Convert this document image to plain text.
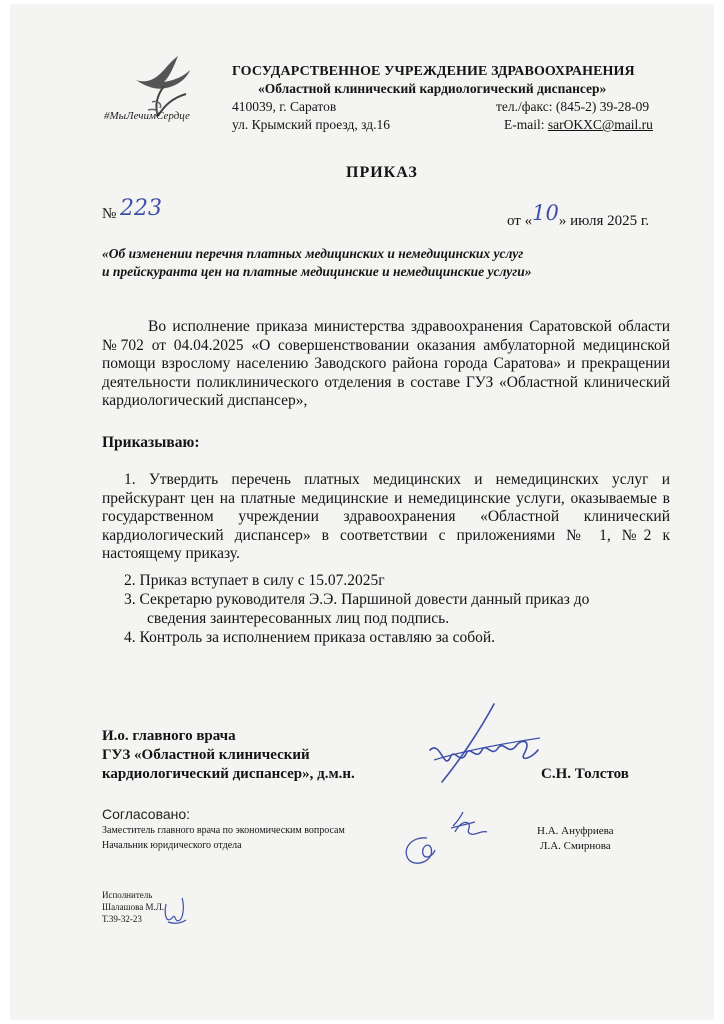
#МыЛечимСердце
ГОСУДАРСТВЕННОЕ УЧРЕЖДЕНИЕ ЗДРАВООХРАНЕНИЯ
«Областной клинический кардиологический диспансер»
410039, г. Саратов
ул. Крымский проезд, зд.16
тел./факс: (845-2) 39-28-09
E-mail: sarOKXC@mail.ru
ПРИКАЗ
№ 223	от «10» июля 2025 г.
«Об изменении перечня платных медицинских и немедицинских услуг
и прейскуранта цен на платные медицинские и немедицинские услуги»
Во исполнение приказа министерства здравоохранения Саратовской области №702 от 04.04.2025 «О совершенствовании оказания амбулаторной медицинской помощи взрослому населению Заводского района города Саратова» и прекращении деятельности поликлинического отделения в составе ГУЗ «Областной клинический кардиологический диспансер»,
Приказываю:
1. Утвердить перечень платных медицинских и немедицинских услуг и прейскурант цен на платные медицинские и немедицинские услуги, оказываемые в государственном учреждении здравоохранения «Областной клинический кардиологический диспансер» в соответствии с приложениями № 1, №2 к настоящему приказу.
2. Приказ вступает в силу с 15.07.2025г
3. Секретарю руководителя Э.Э. Паршиной довести данный приказ до
сведения заинтересованных лиц под подпись.
4. Контроль за исполнением приказа оставляю за собой.
И.о. главного врача
ГУЗ «Областной клинический
кардиологический диспансер», д.м.н.	С.Н. Толстов
Согласовано:
Заместитель главного врача по экономическим вопросам	Н.А. Ануфриева
Начальник юридического отдела	Л.А. Смирнова
Исполнитель
Шалашова М.Л.
Т.39-32-23
